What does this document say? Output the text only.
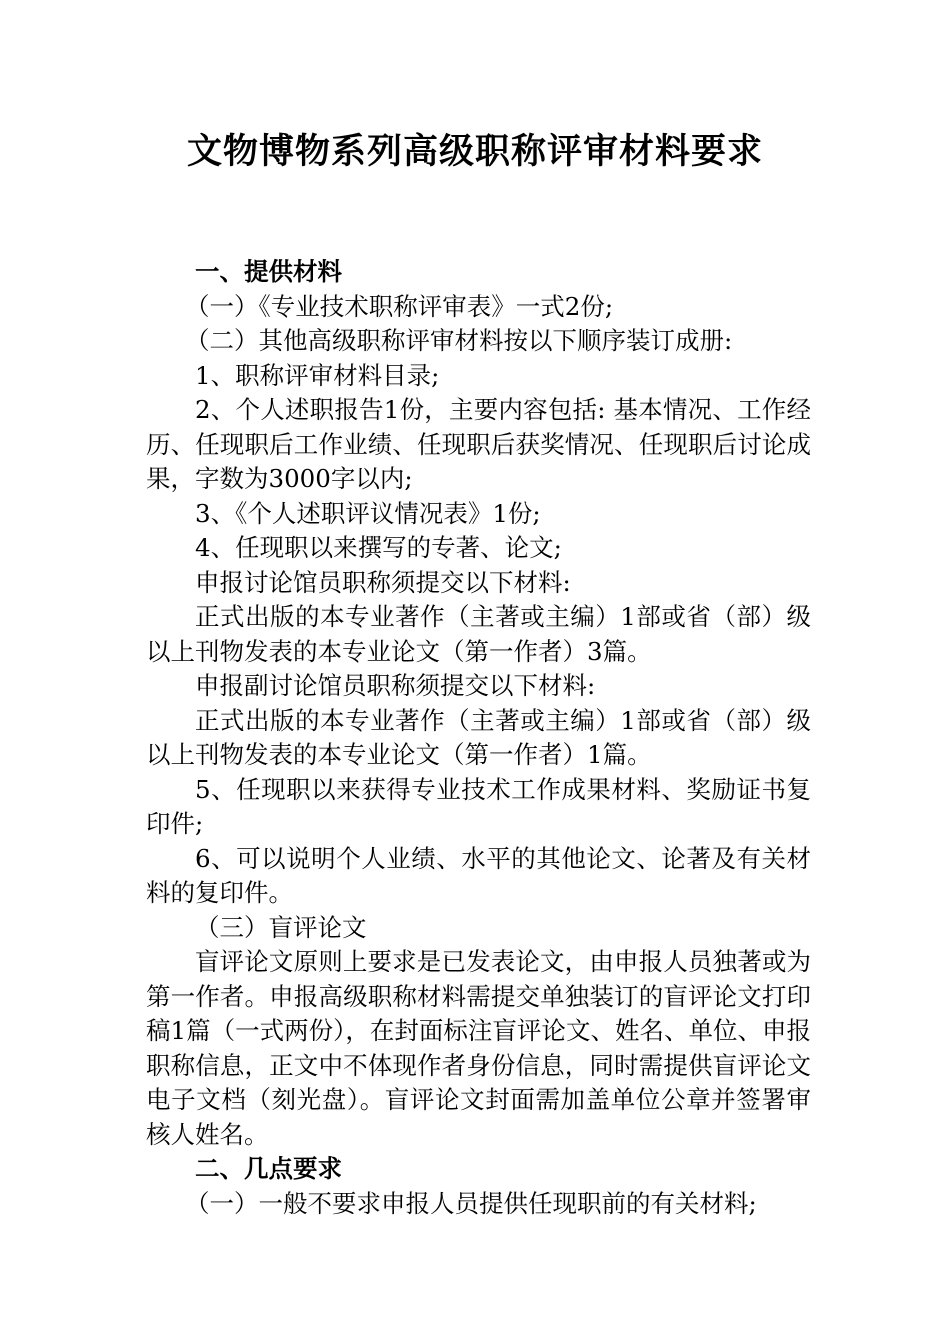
文物博物系列高级职称评审材料要求

一、提供材料

（一）《专业技术职称评审表》一式2份;

（二）其他高级职称评审材料按以下顺序装订成册:

1、职称评审材料目录;

2、个人述职报告1份，主要内容包括: 基本情况、工作经历、任现职后工作业绩、任现职后获奖情况、任现职后讨论成果，字数为3000字以内;

3、《个人述职评议情况表》1份;

4、任现职以来撰写的专著、论文;

申报讨论馆员职称须提交以下材料:

正式出版的本专业著作（主著或主编）1部或省（部）级以上刊物发表的本专业论文（第一作者）3篇。

申报副讨论馆员职称须提交以下材料:

正式出版的本专业著作（主著或主编）1部或省（部）级以上刊物发表的本专业论文（第一作者）1篇。

5、任现职以来获得专业技术工作成果材料、奖励证书复印件;

6、可以说明个人业绩、水平的其他论文、论著及有关材料的复印件。

（三）盲评论文

盲评论文原则上要求是已发表论文，由申报人员独著或为第一作者。申报高级职称材料需提交单独装订的盲评论文打印稿1篇（一式两份），在封面标注盲评论文、姓名、单位、申报职称信息，正文中不体现作者身份信息，同时需提供盲评论文电子文档（刻光盘）。盲评论文封面需加盖单位公章并签署审核人姓名。

二、几点要求

（一）一般不要求申报人员提供任现职前的有关材料;
